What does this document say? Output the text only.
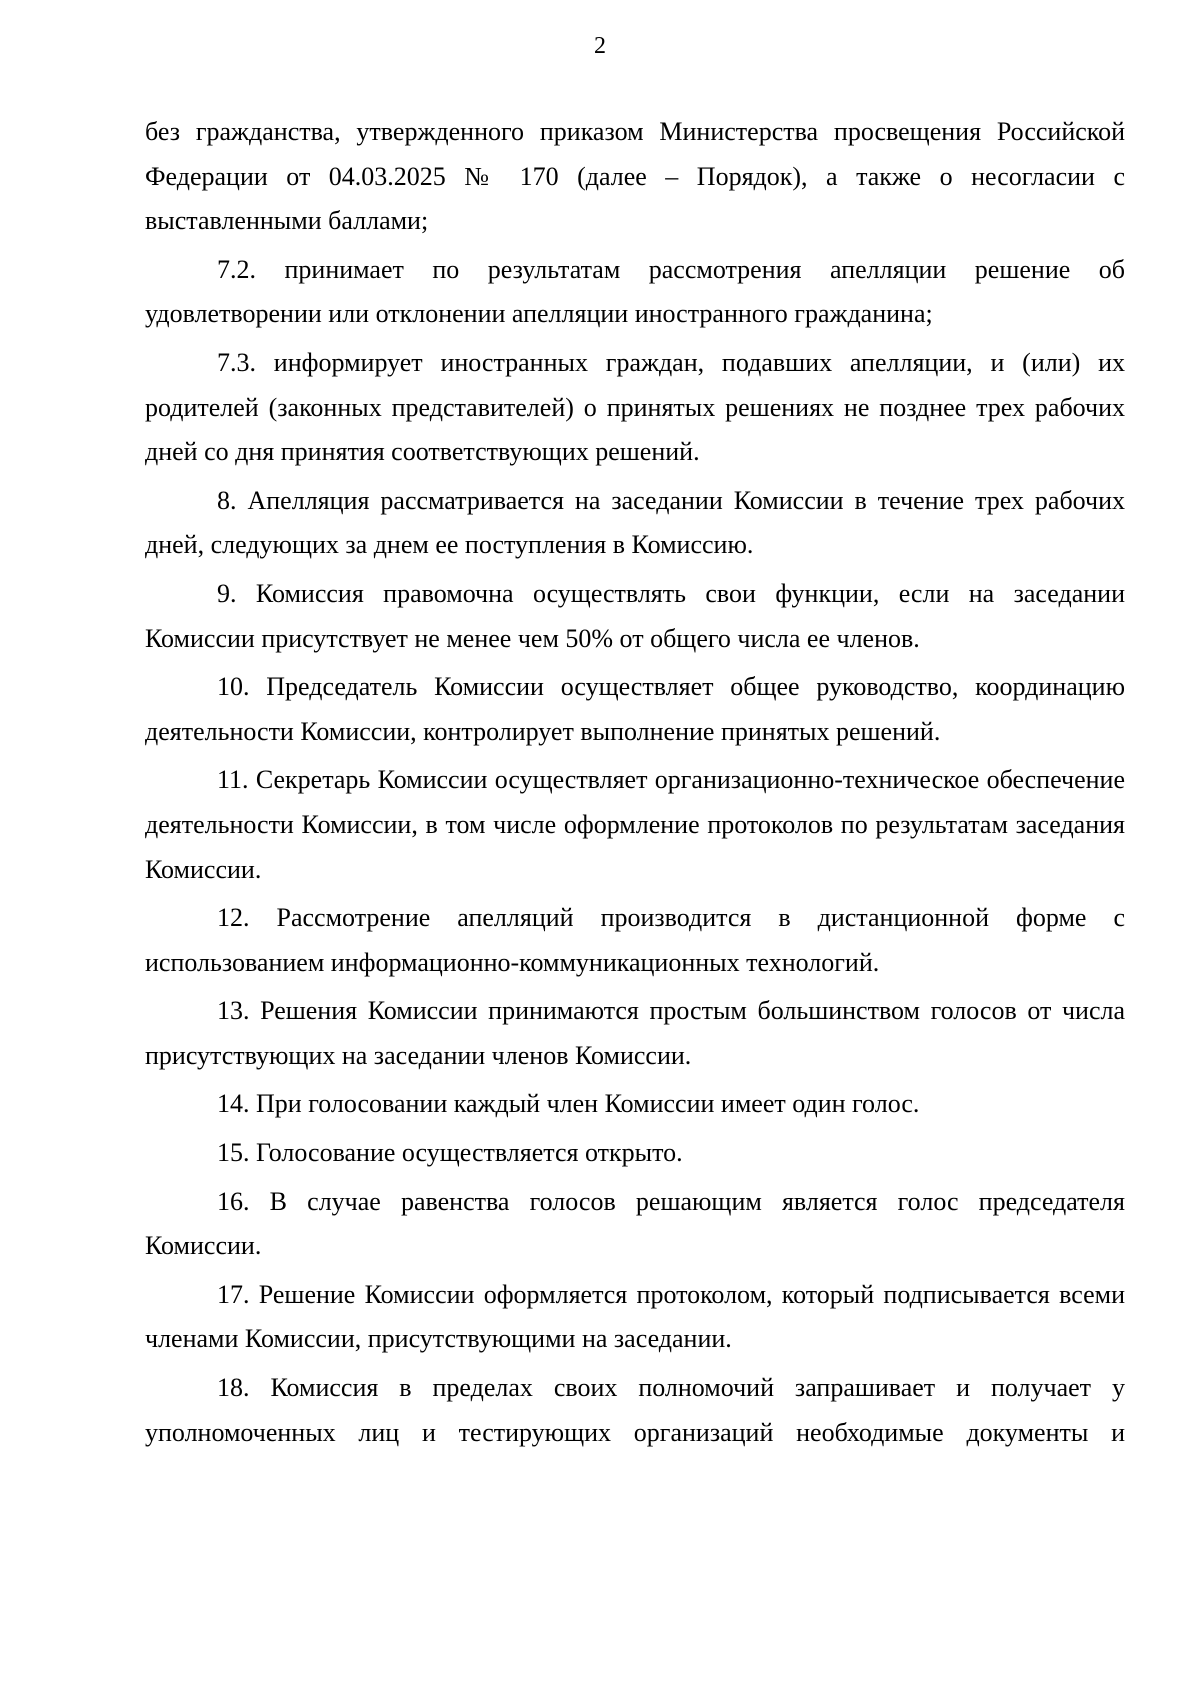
2

без гражданства, утвержденного приказом Министерства просвещения Российской Федерации от 04.03.2025 № 170 (далее – Порядок), а также о несогласии с выставленными баллами;

7.2. принимает по результатам рассмотрения апелляции решение об удовлетворении или отклонении апелляции иностранного гражданина;

7.3. информирует иностранных граждан, подавших апелляции, и (или) их родителей (законных представителей) о принятых решениях не позднее трех рабочих дней со дня принятия соответствующих решений.

8. Апелляция рассматривается на заседании Комиссии в течение трех рабочих дней, следующих за днем ее поступления в Комиссию.

9. Комиссия правомочна осуществлять свои функции, если на заседании Комиссии присутствует не менее чем 50% от общего числа ее членов.

10. Председатель Комиссии осуществляет общее руководство, координацию деятельности Комиссии, контролирует выполнение принятых решений.

11. Секретарь Комиссии осуществляет организационно-техническое обеспечение деятельности Комиссии, в том числе оформление протоколов по результатам заседания Комиссии.

12. Рассмотрение апелляций производится в дистанционной форме с использованием информационно-коммуникационных технологий.

13. Решения Комиссии принимаются простым большинством голосов от числа присутствующих на заседании членов Комиссии.

14. При голосовании каждый член Комиссии имеет один голос.

15. Голосование осуществляется открыто.

16. В случае равенства голосов решающим является голос председателя Комиссии.

17. Решение Комиссии оформляется протоколом, который подписывается всеми членами Комиссии, присутствующими на заседании.

18. Комиссия в пределах своих полномочий запрашивает и получает у уполномоченных лиц и тестирующих организаций необходимые документы и
